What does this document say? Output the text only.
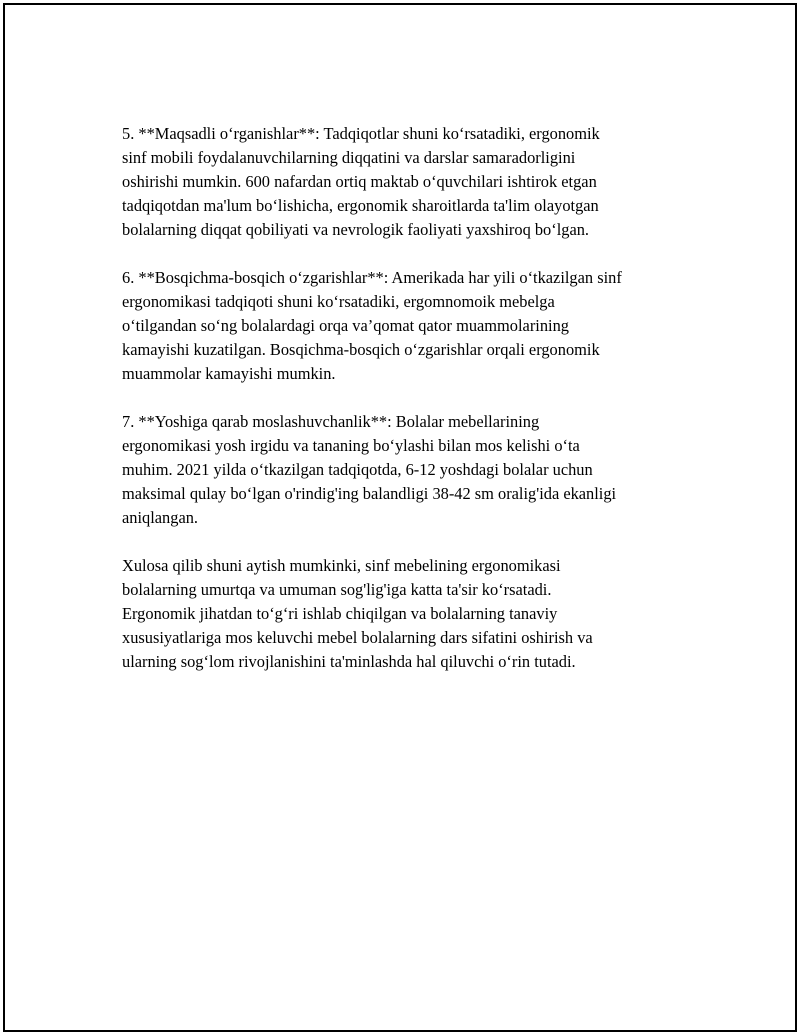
5. **Maqsadli o‘rganishlar**: Tadqiqotlar shuni ko‘rsatadiki, ergonomik
sinf mobili foydalanuvchilarning diqqatini va darslar samaradorligini
oshirishi mumkin. 600 nafardan ortiq maktab o‘quvchilari ishtirok etgan
tadqiqotdan ma'lum bo‘lishicha, ergonomik sharoitlarda ta'lim olayotgan
bolalarning diqqat qobiliyati va nevrologik faoliyati yaxshiroq bo‘lgan.

6. **Bosqichma-bosqich o‘zgarishlar**: Amerikada har yili o‘tkazilgan sinf
ergonomikasi tadqiqoti shuni ko‘rsatadiki, ergomnomoik mebelga
o‘tilgandan so‘ng bolalardagi orqa va’qomat qator muammolarining
kamayishi kuzatilgan. Bosqichma-bosqich o‘zgarishlar orqali ergonomik
muammolar kamayishi mumkin.

7. **Yoshiga qarab moslashuvchanlik**: Bolalar mebellarining
ergonomikasi yosh irgidu va tananing bo‘ylashi bilan mos kelishi o‘ta
muhim. 2021 yilda o‘tkazilgan tadqiqotda, 6-12 yoshdagi bolalar uchun
maksimal qulay bo‘lgan o'rindig'ing balandligi 38-42 sm oralig'ida ekanligi
aniqlangan.

Xulosa qilib shuni aytish mumkinki, sinf mebelining ergonomikasi
bolalarning umurtqa va umuman sog'lig'iga katta ta'sir ko‘rsatadi.
Ergonomik jihatdan to‘g‘ri ishlab chiqilgan va bolalarning tanaviy
xususiyatlariga mos keluvchi mebel bolalarning dars sifatini oshirish va
ularning sog‘lom rivojlanishini ta'minlashda hal qiluvchi o‘rin tutadi.
